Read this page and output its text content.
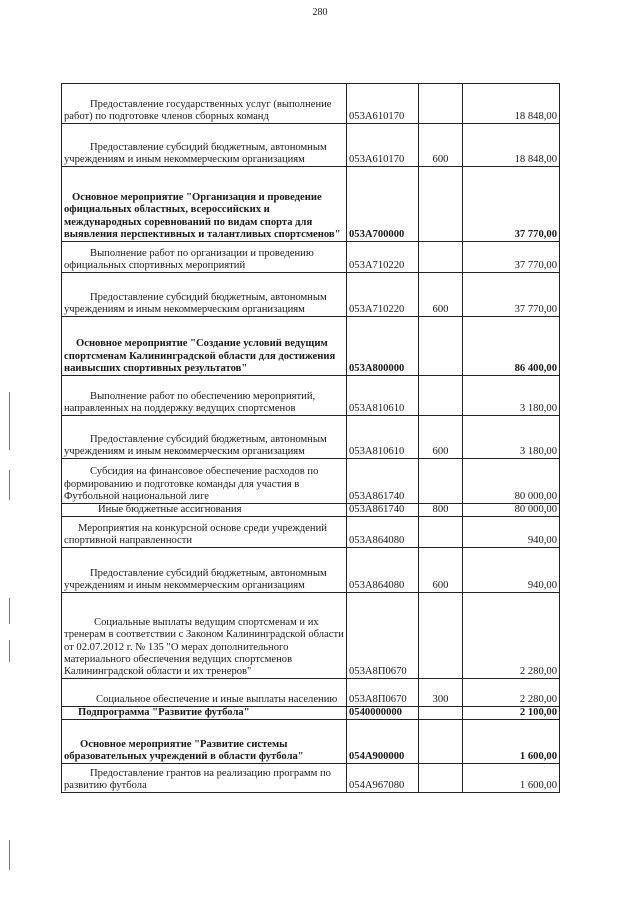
280
Предоставление государственных услуг (выполнение работ) по подготовке членов сборных команд	053А610170		18 848,00
Предоставление субсидий бюджетным, автономным учреждениям и иным некоммерческим организациям	053А610170	600	18 848,00
Основное мероприятие "Организация и проведение официальных областных, всероссийских и международных соревнований по видам спорта для выявления перспективных и талантливых спортсменов"	053А700000		37 770,00
Выполнение работ по организации и проведению официальных спортивных мероприятий	053А710220		37 770,00
Предоставление субсидий бюджетным, автономным учреждениям и иным некоммерческим организациям	053А710220	600	37 770,00
Основное мероприятие "Создание условий ведущим спортсменам Калининградской области для достижения наивысших спортивных результатов"	053А800000		86 400,00
Выполнение работ по обеспечению мероприятий, направленных на поддержку ведущих спортсменов	053А810610		3 180,00
Предоставление субсидий бюджетным, автономным учреждениям и иным некоммерческим организациям	053А810610	600	3 180,00
Субсидия на финансовое обеспечение расходов по формированию и подготовке команды для участия в Футбольной национальной лиге	053А861740		80 000,00
Иные бюджетные ассигнования	053А861740	800	80 000,00
Мероприятия на конкурсной основе среди учреждений спортивной направленности	053А864080		940,00
Предоставление субсидий бюджетным, автономным учреждениям и иным некоммерческим организациям	053А864080	600	940,00
Социальные выплаты ведущим спортсменам и их тренерам в соответствии с Законом Калининградской области от 02.07.2012 г. № 135 "О мерах дополнительного материального обеспечения ведущих спортсменов Калининградской области и их тренеров"	053А8П0670		2 280,00
Социальное обеспечение и иные выплаты населению	053А8П0670	300	2 280,00
Подпрограмма "Развитие футбола"	0540000000		2 100,00
Основное мероприятие "Развитие системы образовательных учреждений в области футбола"	054А900000		1 600,00
Предоставление грантов на реализацию программ по развитию футбола	054А967080		1 600,00
